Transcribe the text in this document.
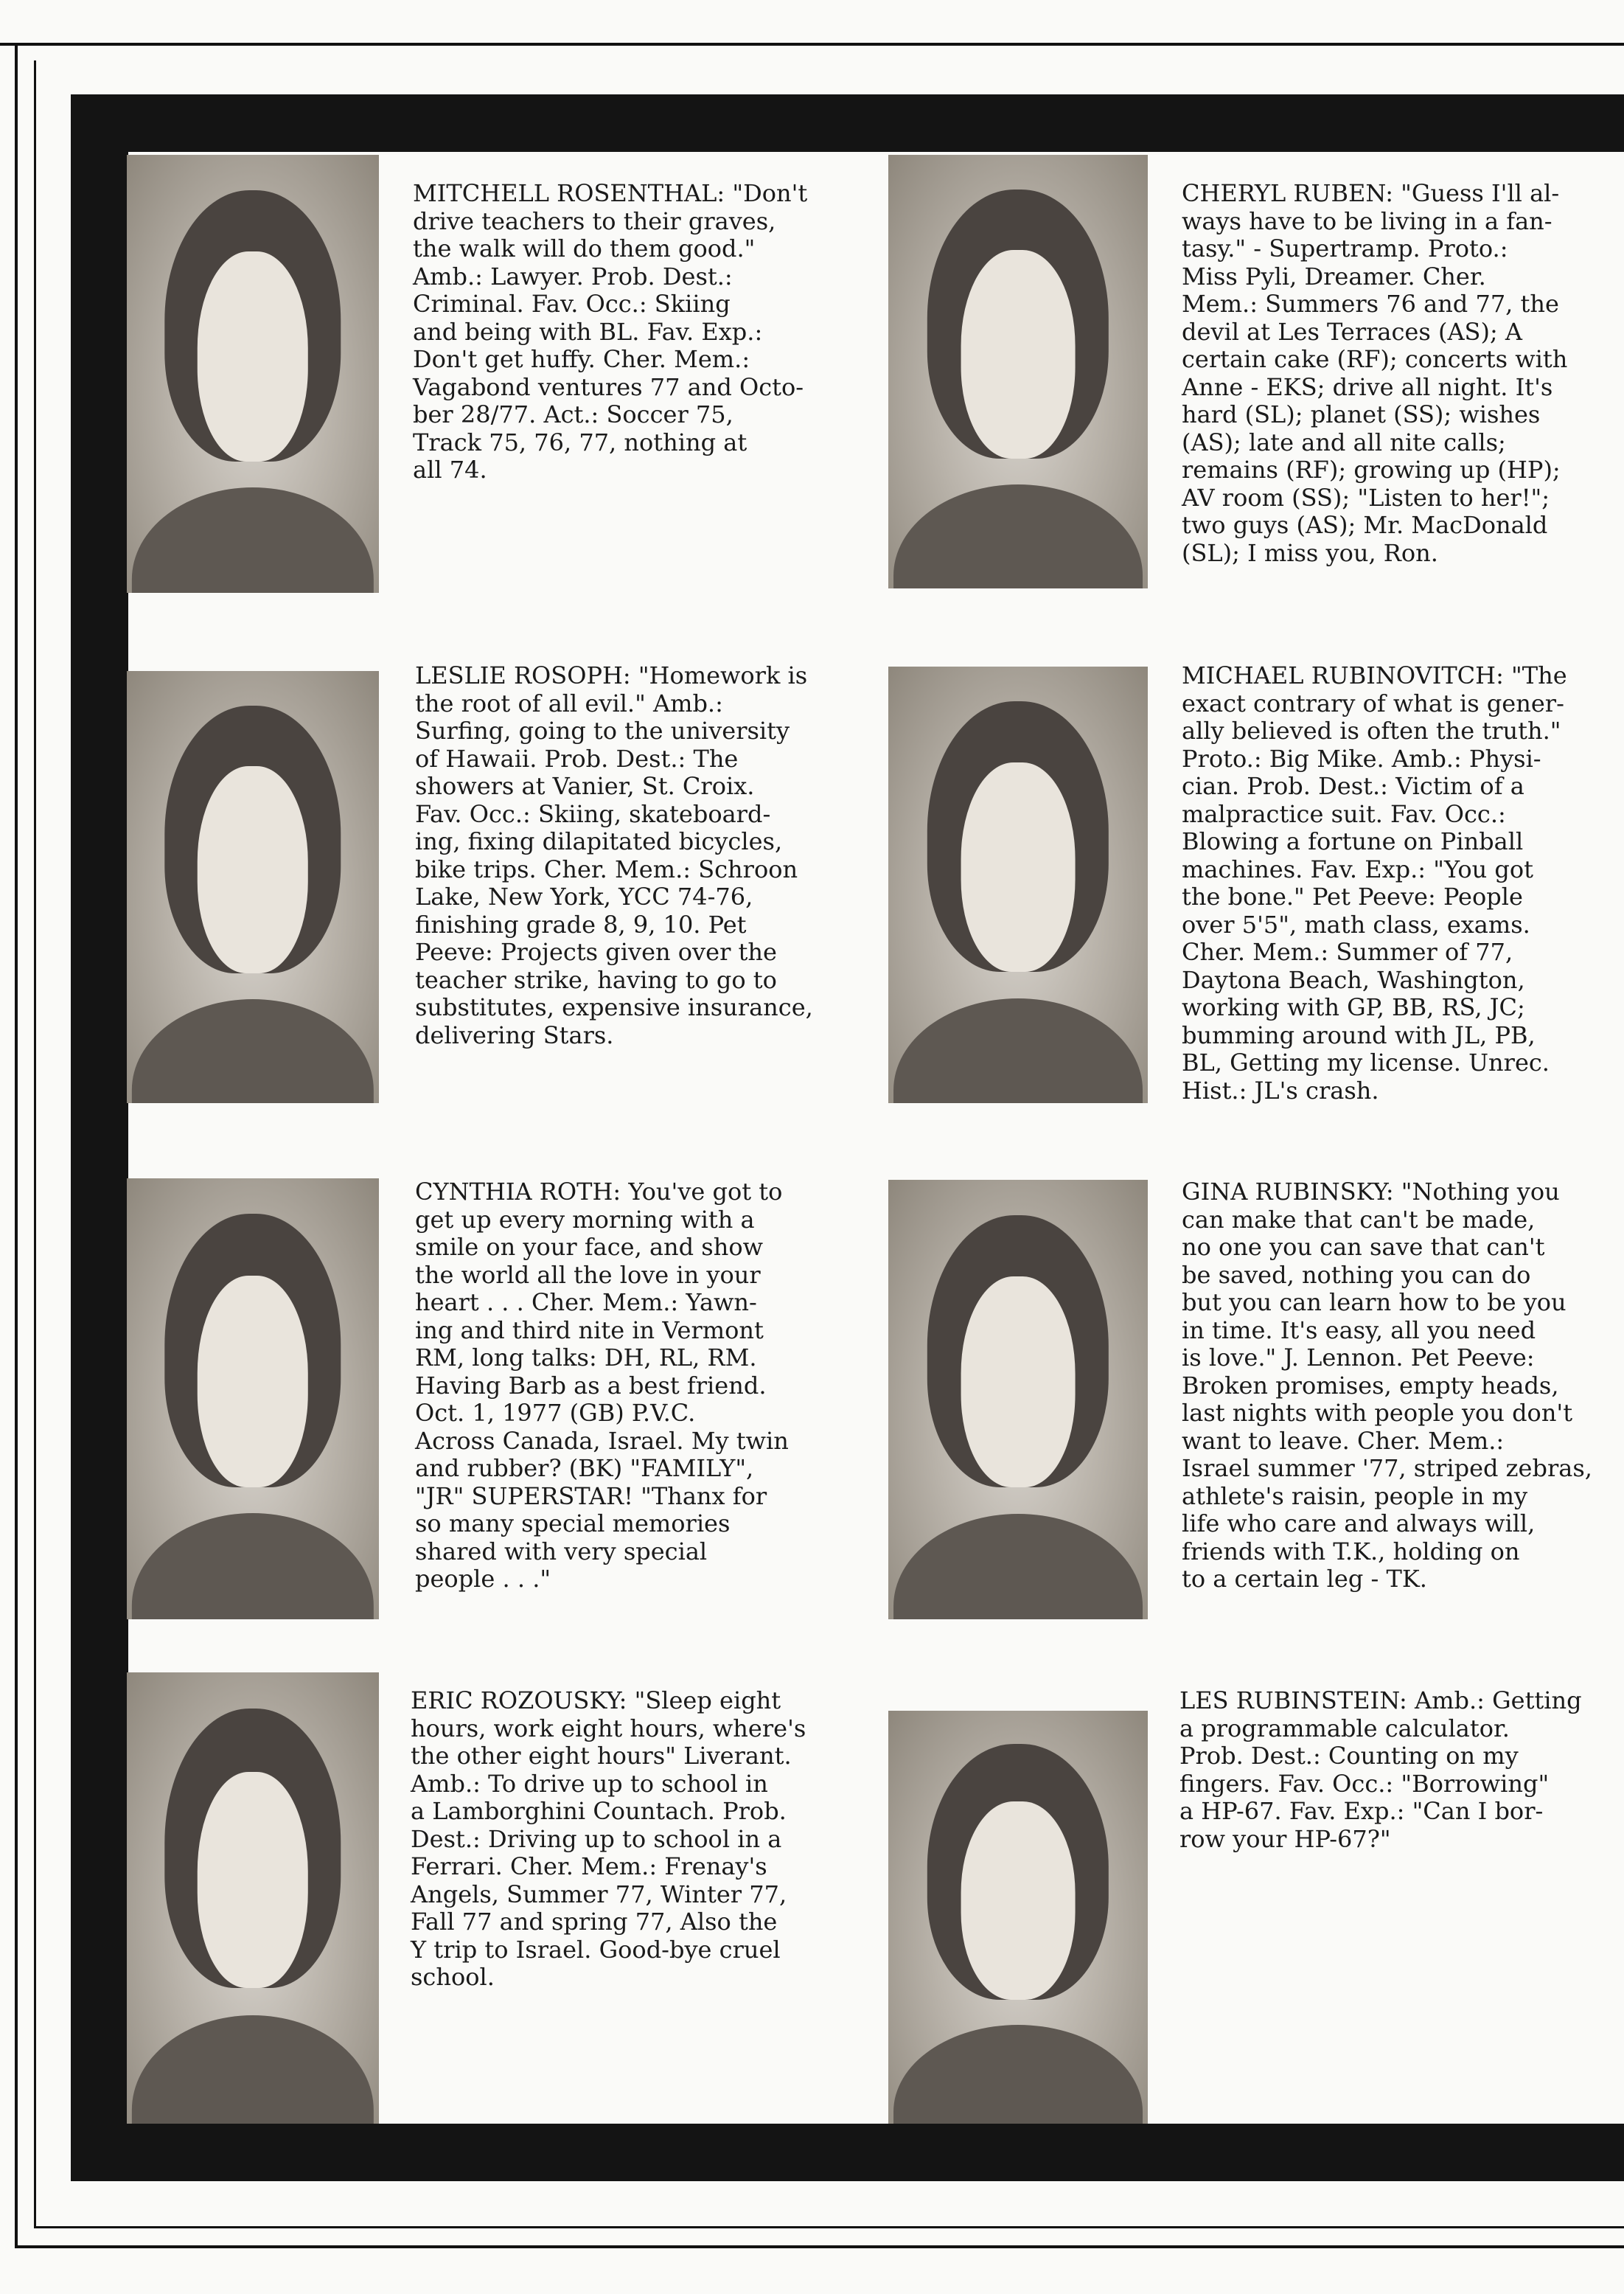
MITCHELL ROSENTHAL: "Don't
drive teachers to their graves,
the walk will do them good."
Amb.: Lawyer. Prob. Dest.:
Criminal. Fav. Occ.: Skiing
and being with BL. Fav. Exp.:
Don't get huffy. Cher. Mem.:
Vagabond ventures 77 and Octo-
ber 28/77. Act.: Soccer 75,
Track 75, 76, 77, nothing at
all 74.

CHERYL RUBEN: "Guess I'll al-
ways have to be living in a fan-
tasy." - Supertramp. Proto.:
Miss Pyli, Dreamer. Cher.
Mem.: Summers 76 and 77, the
devil at Les Terraces (AS); A
certain cake (RF); concerts with
Anne - EKS; drive all night. It's
hard (SL); planet (SS); wishes
(AS); late and all nite calls;
remains (RF); growing up (HP);
AV room (SS); "Listen to her!";
two guys (AS); Mr. MacDonald
(SL); I miss you, Ron.

LESLIE ROSOPH: "Homework is
the root of all evil." Amb.:
Surfing, going to the university
of Hawaii. Prob. Dest.: The
showers at Vanier, St. Croix.
Fav. Occ.: Skiing, skateboard-
ing, fixing dilapitated bicycles,
bike trips. Cher. Mem.: Schroon
Lake, New York, YCC 74-76,
finishing grade 8, 9, 10. Pet
Peeve: Projects given over the
teacher strike, having to go to
substitutes, expensive insurance,
delivering Stars.

MICHAEL RUBINOVITCH: "The
exact contrary of what is gener-
ally believed is often the truth."
Proto.: Big Mike. Amb.: Physi-
cian. Prob. Dest.: Victim of a
malpractice suit. Fav. Occ.:
Blowing a fortune on Pinball
machines. Fav. Exp.: "You got
the bone." Pet Peeve: People
over 5'5", math class, exams.
Cher. Mem.: Summer of 77,
Daytona Beach, Washington,
working with GP, BB, RS, JC;
bumming around with JL, PB,
BL, Getting my license. Unrec.
Hist.: JL's crash.

CYNTHIA ROTH: You've got to
get up every morning with a
smile on your face, and show
the world all the love in your
heart . . . Cher. Mem.: Yawn-
ing and third nite in Vermont
RM, long talks: DH, RL, RM.
Having Barb as a best friend.
Oct. 1, 1977 (GB) P.V.C.
Across Canada, Israel. My twin
and rubber? (BK) "FAMILY",
"JR" SUPERSTAR! "Thanx for
so many special memories
shared with very special
people . . ."

GINA RUBINSKY: "Nothing you
can make that can't be made,
no one you can save that can't
be saved, nothing you can do
but you can learn how to be you
in time. It's easy, all you need
is love." J. Lennon. Pet Peeve:
Broken promises, empty heads,
last nights with people you don't
want to leave. Cher. Mem.:
Israel summer '77, striped zebras,
athlete's raisin, people in my
life who care and always will,
friends with T.K., holding on
to a certain leg - TK.

ERIC ROZOUSKY: "Sleep eight
hours, work eight hours, where's
the other eight hours" Liverant.
Amb.: To drive up to school in
a Lamborghini Countach. Prob.
Dest.: Driving up to school in a
Ferrari. Cher. Mem.: Frenay's
Angels, Summer 77, Winter 77,
Fall 77 and spring 77, Also the
Y trip to Israel. Good-bye cruel
school.

LES RUBINSTEIN: Amb.: Getting
a programmable calculator.
Prob. Dest.: Counting on my
fingers. Fav. Occ.: "Borrowing"
a HP-67. Fav. Exp.: "Can I bor-
row your HP-67?"
